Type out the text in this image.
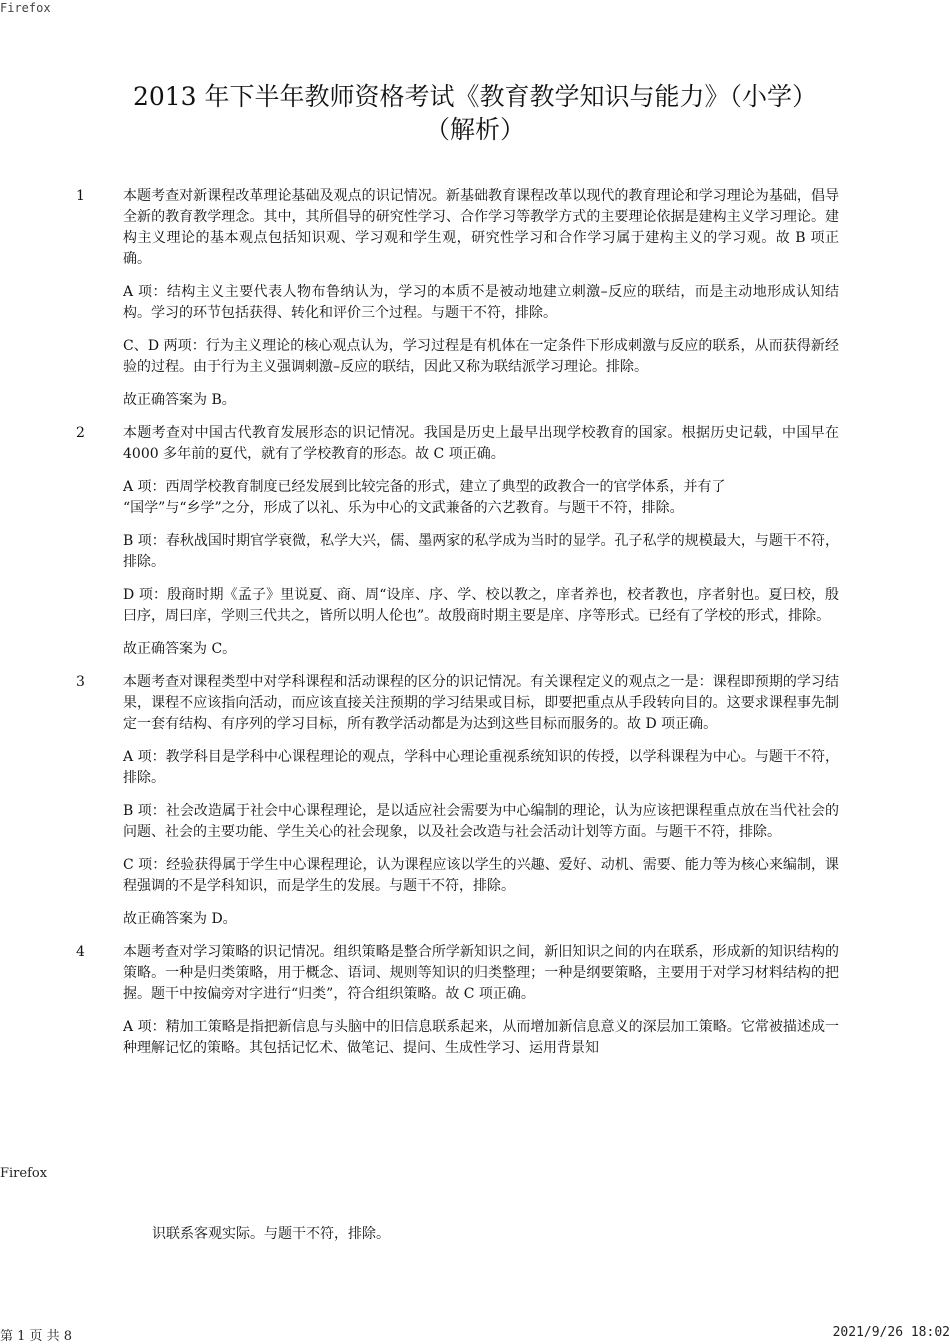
Firefox
2013 年下半年教师资格考试《教育教学知识与能力》（小学）
（解析）
1	本题考查对新课程改革理论基础及观点的识记情况。新基础教育课程改革以现代的教育理论和学习理论为基础，倡导全新的教育教学理念。其中，其所倡导的研究性学习、合作学习等教学方式的主要理论依据是建构主义学习理论。建构主义理论的基本观点包括知识观、学习观和学生观，研究性学习和合作学习属于建构主义的学习观。故 B 项正确。

A 项：结构主义主要代表人物布鲁纳认为，学习的本质不是被动地建立刺激–反应的联结，而是主动地形成认知结构。学习的环节包括获得、转化和评价三个过程。与题干不符，排除。

C、D 两项：行为主义理论的核心观点认为，学习过程是有机体在一定条件下形成刺激与反应的联系，从而获得新经验的过程。由于行为主义强调刺激–反应的联结，因此又称为联结派学习理论。排除。

故正确答案为 B。

2	本题考查对中国古代教育发展形态的识记情况。我国是历史上最早出现学校教育的国家。根据历史记载，中国早在 4000 多年前的夏代，就有了学校教育的形态。故 C 项正确。

A 项：西周学校教育制度已经发展到比较完备的形式，建立了典型的政教合一的官学体系，并有了
“国学”与“乡学”之分，形成了以礼、乐为中心的文武兼备的六艺教育。与题干不符，排除。

B 项：春秋战国时期官学衰微，私学大兴，儒、墨两家的私学成为当时的显学。孔子私学的规模最大，与题干不符，排除。

D 项：殷商时期《孟子》里说夏、商、周“设庠、序、学、校以教之，庠者养也，校者教也，序者射也。夏曰校，殷曰序，周曰庠，学则三代共之，皆所以明人伦也”。故殷商时期主要是庠、序等形式。已经有了学校的形式，排除。

故正确答案为 C。

3	本题考查对课程类型中对学科课程和活动课程的区分的识记情况。有关课程定义的观点之一是：课程即预期的学习结果，课程不应该指向活动，而应该直接关注预期的学习结果或目标，即要把重点从手段转向目的。这要求课程事先制定一套有结构、有序列的学习目标，所有教学活动都是为达到这些目标而服务的。故 D 项正确。

A 项：教学科目是学科中心课程理论的观点，学科中心理论重视系统知识的传授，以学科课程为中心。与题干不符，排除。

B 项：社会改造属于社会中心课程理论，是以适应社会需要为中心编制的理论，认为应该把课程重点放在当代社会的问题、社会的主要功能、学生关心的社会现象，以及社会改造与社会活动计划等方面。与题干不符，排除。

C 项：经验获得属于学生中心课程理论，认为课程应该以学生的兴趣、爱好、动机、需要、能力等为核心来编制，课程强调的不是学科知识，而是学生的发展。与题干不符，排除。

故正确答案为 D。

4	本题考查对学习策略的识记情况。组织策略是整合所学新知识之间，新旧知识之间的内在联系，形成新的知识结构的策略。一种是归类策略，用于概念、语词、规则等知识的归类整理；一种是纲要策略，主要用于对学习材料结构的把握。题干中按偏旁对字进行“归类”，符合组织策略。故 C 项正确。

A 项：精加工策略是指把新信息与头脑中的旧信息联系起来，从而增加新信息意义的深层加工策略。它常被描述成一种理解记忆的策略。其包括记忆术、做笔记、提问、生成性学习、运用背景知

Firefox
识联系客观实际。与题干不符，排除。
第 1 页 共 8	2021/9/26 18:02
